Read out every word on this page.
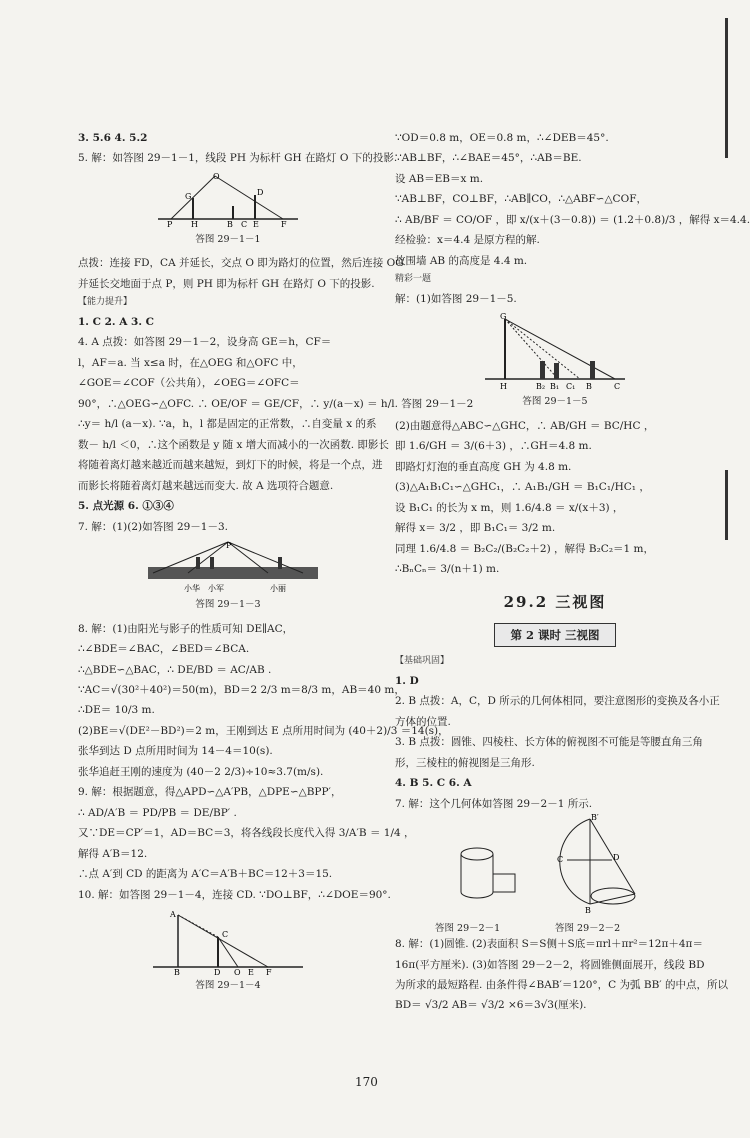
3. 5.6 4. 5.2
5. 解：如答图 29－1－1，线段 PH 为标杆 GH 在路灯 O 下的投影.
O
G	D
P H	B C E	F
答图 29－1－1
点拨：连接 FD，CA 并延长，交点 O 即为路灯的位置，然后连接 OG
并延长交地面于点 P，则 PH 即为标杆 GH 在路灯 O 下的投影.
【能力提升】
1. C 2. A 3. C
4. A 点拨：如答图 29－1－2，设身高 GE＝h，CF＝
l，AF＝a. 当 x≤a 时，在△OEG 和△OFC 中，
∠GOE＝∠COF（公共角），∠OEG＝∠OFC＝
90°，∴△OEG∽△OFC. ∴ OE/OF ＝ GE/CF，∴ y/(a－x) ＝ h/l. 答图 29－1－2
∴y＝ h/l (a－x). ∵a，h，l 都是固定的正常数，∴自变量 x 的系
数－ h/l ＜0，∴这个函数是 y 随 x 增大而减小的一次函数. 即影长
将随着离灯越来越近而越来越短，到灯下的时候，将是一个点，进
而影长将随着离灯越来越远而变大. 故 A 选项符合题意.
5. 点光源 6. ①③④
7. 解：(1)(2)如答图 29－1－3.
P
小华 小军	小丽
答图 29－1－3
8. 解：(1)由阳光与影子的性质可知 DE∥AC，
∴∠BDE＝∠BAC，∠BED＝∠BCA.
∴△BDE∽△BAC，∴ DE/BD ＝ AC/AB .
∵AC＝√(30²＋40²)＝50(m)，BD＝2 2/3 m＝8/3 m，AB＝40 m，
∴DE＝ 10/3 m.
(2)BE＝√(DE²－BD²)＝2 m，王刚到达 E 点所用时间为 (40＋2)/3 ＝14(s)，
张华到达 D 点所用时间为 14－4＝10(s).
张华追赶王刚的速度为 (40－2 2/3)÷10≈3.7(m/s).
9. 解：根据题意，得△APD∽△A′PB，△DPE∽△BPP′，
∴ AD/A′B ＝ PD/PB ＝ DE/BP′ .
又∵DE＝CP′＝1，AD＝BC＝3，将各线段长度代入得 3/A′B ＝ 1/4 ，
解得 A′B＝12.
∴点 A′到 CD 的距离为 A′C＝A′B＋BC＝12＋3＝15.
10. 解：如答图 29－1－4，连接 CD. ∵DO⊥BF，∴∠DOE＝90°.
A
C
B	D O E F
答图 29－1－4
∵OD＝0.8 m，OE＝0.8 m，∴∠DEB＝45°.
∵AB⊥BF，∴∠BAE＝45°，∴AB＝BE.
设 AB＝EB＝x m.
∵AB⊥BF，CO⊥BF，∴AB∥CO，∴△ABF∽△COF，
∴ AB/BF ＝ CO/OF ，即 x/(x＋(3－0.8)) ＝ (1.2＋0.8)/3 ，解得 x＝4.4.
经检验：x＝4.4 是原方程的解.
故围墙 AB 的高度是 4.4 m.
精彩一题
解：(1)如答图 29－1－5.
G
H	B₂ B₁ C₁ B	C
答图 29－1－5
(2)由题意得△ABC∽△GHC，∴ AB/GH ＝ BC/HC ，
即 1.6/GH ＝ 3/(6＋3) ，∴GH＝4.8 m.
即路灯灯泡的垂直高度 GH 为 4.8 m.
(3)△A₁B₁C₁∽△GHC₁，∴ A₁B₁/GH ＝ B₁C₁/HC₁ ，
设 B₁C₁ 的长为 x m，则 1.6/4.8 ＝ x/(x＋3) ，
解得 x＝ 3/2 ，即 B₁C₁＝ 3/2 m.
同理 1.6/4.8 ＝ B₂C₂/(B₂C₂＋2) ，解得 B₂C₂＝1 m，
∴BₙCₙ＝ 3/(n＋1) m.
29.2 三视图
第 2 课时 三视图
【基础巩固】
1. D
2. B 点拨：A，C，D 所示的几何体相同，要注意图形的变换及各小正
方体的位置.
3. B 点拨：圆锥、四棱柱、长方体的俯视图不可能是等腰直角三角
形，三棱柱的俯视图是三角形.
4. B 5. C 6. A
7. 解：这个几何体如答图 29－2－1 所示.
B′
C	D
B
答图 29－2－1	答图 29－2－2
8. 解：(1)圆锥. (2)表面积 S＝S侧＋S底＝πrl＋πr²＝12π＋4π＝
16π(平方厘米). (3)如答图 29－2－2，将圆锥侧面展开，线段 BD
为所求的最短路程. 由条件得∠BAB′＝120°，C 为弧 BB′ 的中点，所以
BD＝ √3/2 AB＝ √3/2 ×6＝3√3(厘米).
170
